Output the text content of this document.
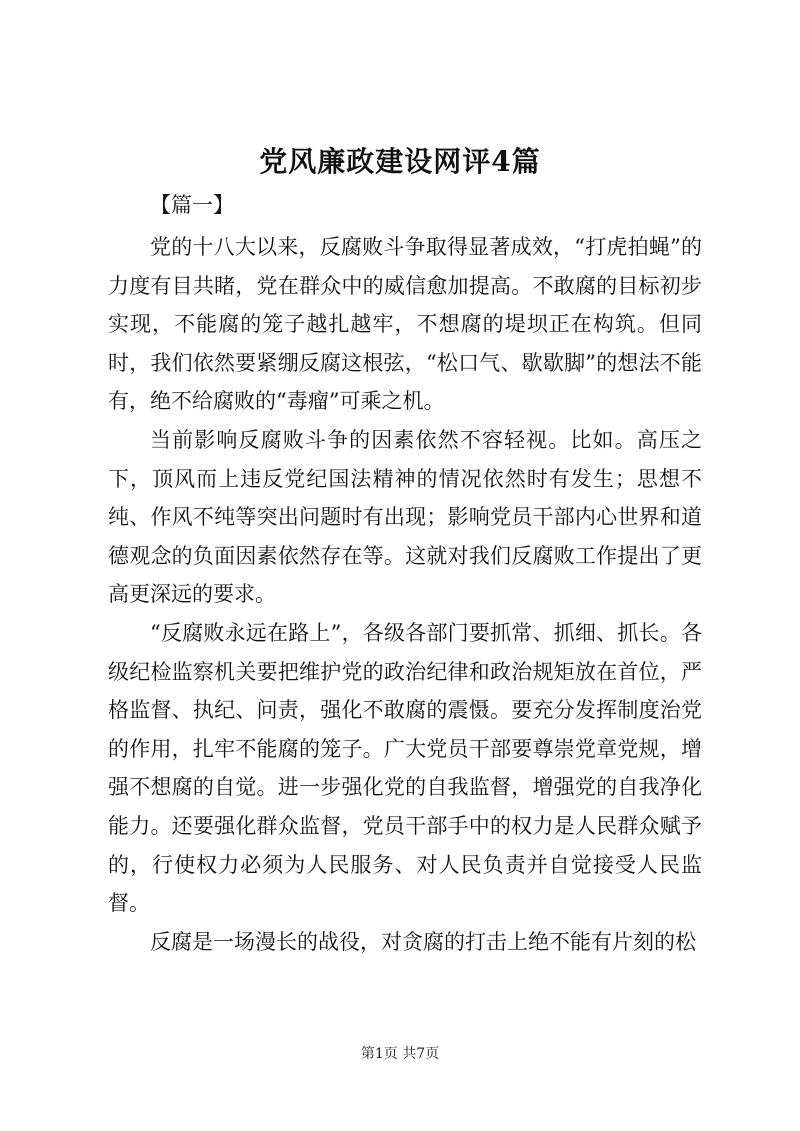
党风廉政建设网评4篇
【篇一】

党的十八大以来，反腐败斗争取得显著成效，“打虎拍蝇”的力度有目共睹，党在群众中的威信愈加提高。不敢腐的目标初步实现，不能腐的笼子越扎越牢，不想腐的堤坝正在构筑。但同时，我们依然要紧绷反腐这根弦，“松口气、歇歇脚”的想法不能有，绝不给腐败的“毒瘤”可乘之机。

当前影响反腐败斗争的因素依然不容轻视。比如。高压之下，顶风而上违反党纪国法精神的情况依然时有发生；思想不纯、作风不纯等突出问题时有出现；影响党员干部内心世界和道德观念的负面因素依然存在等。这就对我们反腐败工作提出了更高更深远的要求。

“反腐败永远在路上”，各级各部门要抓常、抓细、抓长。各级纪检监察机关要把维护党的政治纪律和政治规矩放在首位，严格监督、执纪、问责，强化不敢腐的震慑。要充分发挥制度治党的作用，扎牢不能腐的笼子。广大党员干部要尊崇党章党规，增强不想腐的自觉。进一步强化党的自我监督，增强党的自我净化能力。还要强化群众监督，党员干部手中的权力是人民群众赋予的，行使权力必须为人民服务、对人民负责并自觉接受人民监督。

反腐是一场漫长的战役，对贪腐的打击上绝不能有片刻的松

第1页 共7页
